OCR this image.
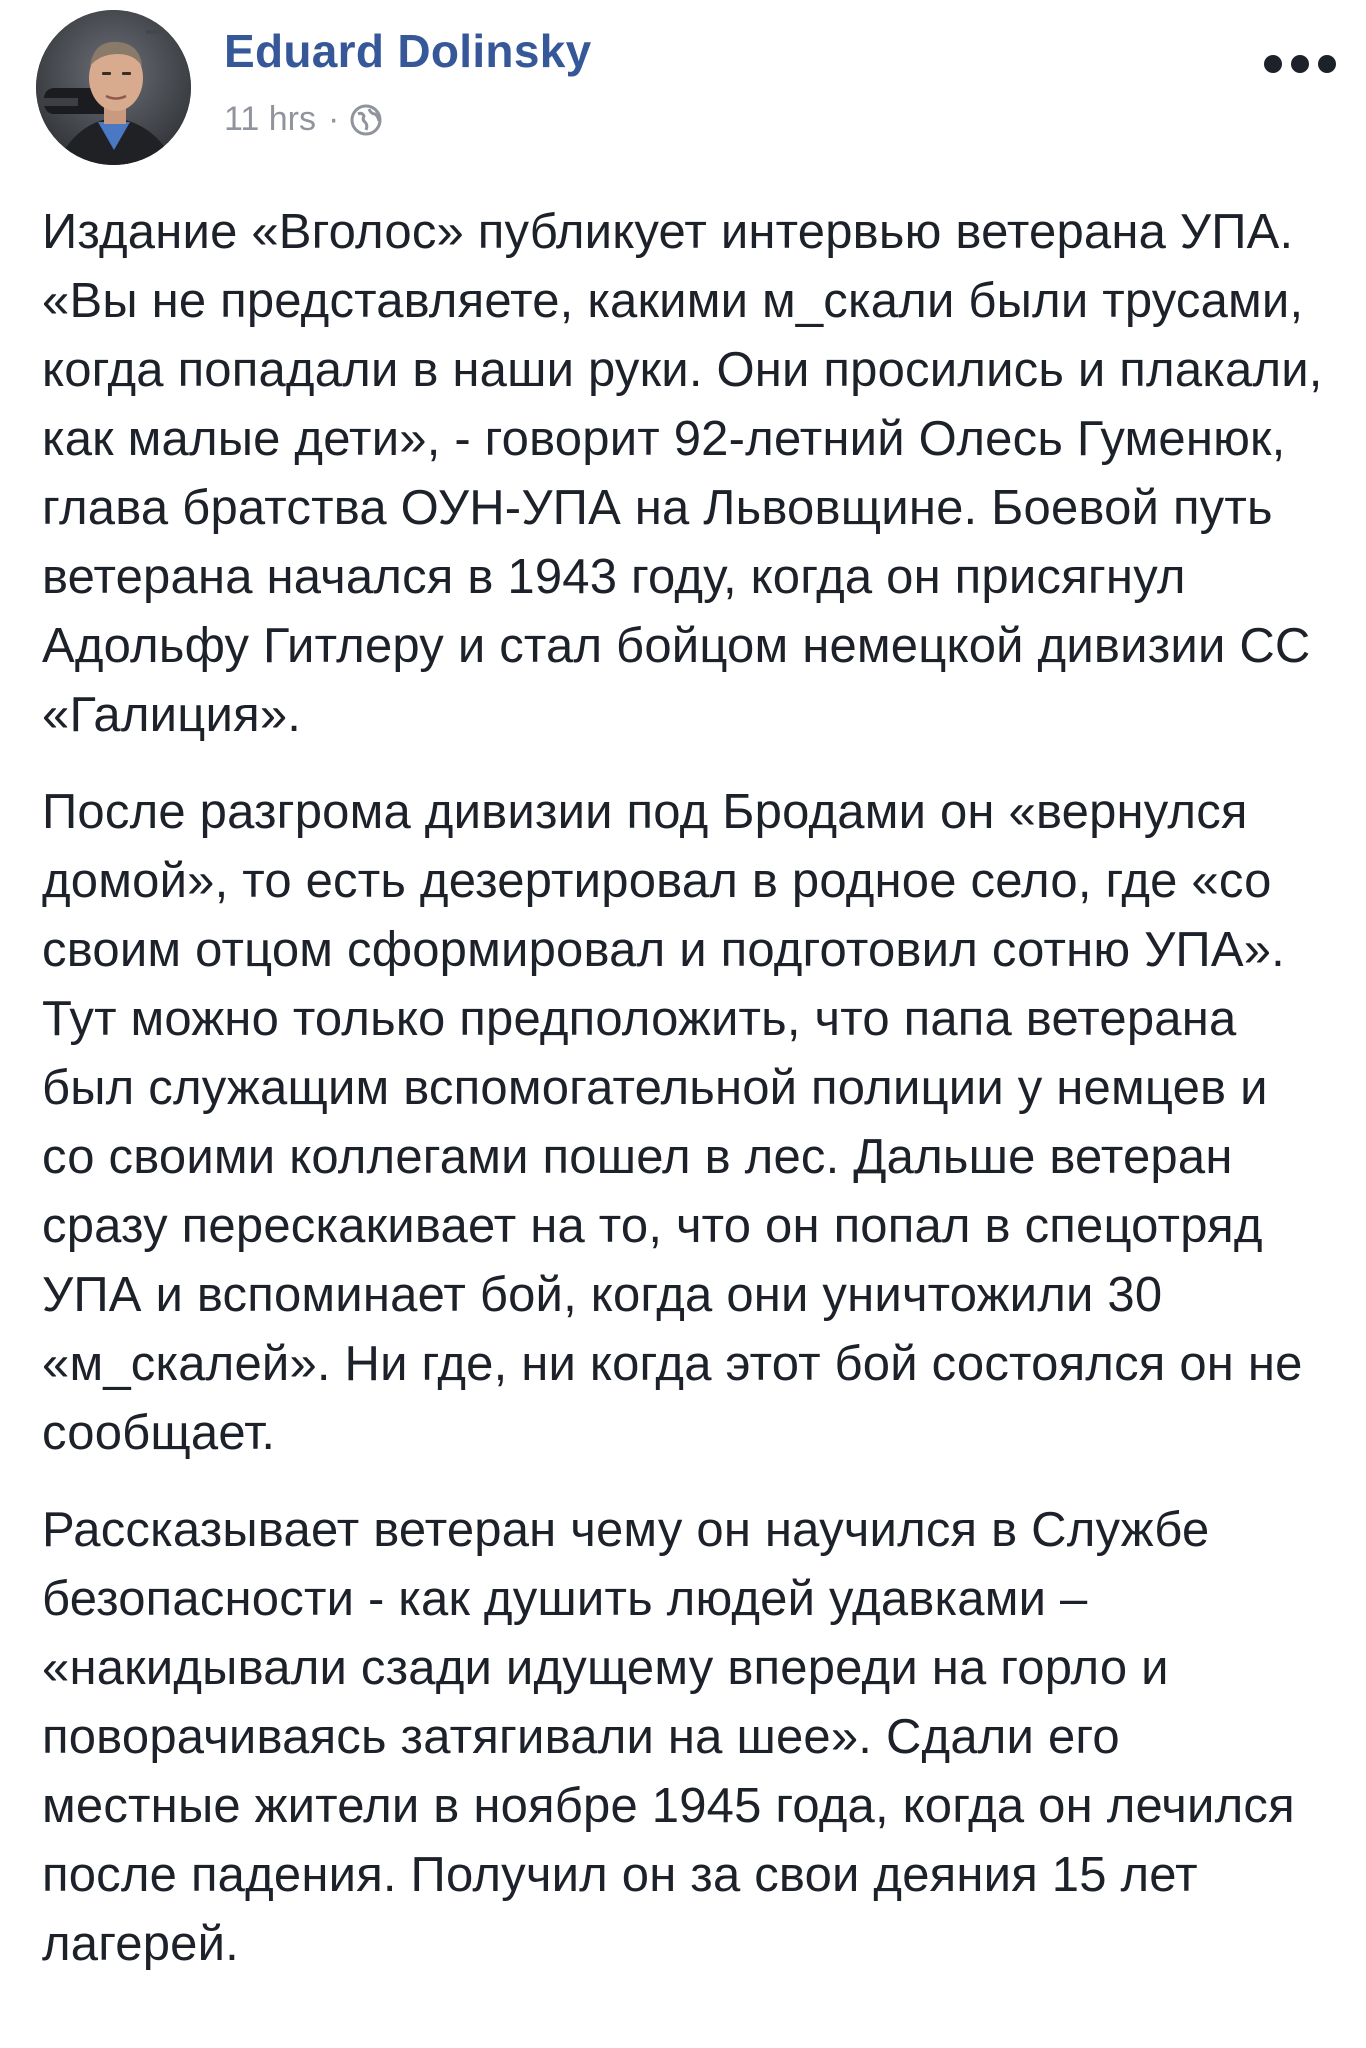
Eduard Dolinsky
11 hrs ·

Издание «Вголос» публикует интервью ветерана УПА. «Вы не представляете, какими м_скали были трусами, когда попадали в наши руки. Они просились и плакали, как малые дети», - говорит 92-летний Олесь Гуменюк, глава братства ОУН-УПА на Львовщине. Боевой путь ветерана начался в 1943 году, когда он присягнул Адольфу Гитлеру и стал бойцом немецкой дивизии СС «Галиция».

После разгрома дивизии под Бродами он «вернулся домой», то есть дезертировал в родное село, где «со своим отцом сформировал и подготовил сотню УПА». Тут можно только предположить, что папа ветерана был служащим вспомогательной полиции у немцев и со своими коллегами пошел в лес. Дальше ветеран сразу перескакивает на то, что он попал в спецотряд УПА и вспоминает бой, когда они уничтожили 30 «м_скалей». Ни где, ни когда этот бой состоялся он не сообщает.

Рассказывает ветеран чему он научился в Службе безопасности - как душить людей удавками – «накидывали сзади идущему впереди на горло и поворачиваясь затягивали на шее». Сдали его местные жители в ноябре 1945 года, когда он лечился после падения. Получил он за свои деяния 15 лет лагерей.
